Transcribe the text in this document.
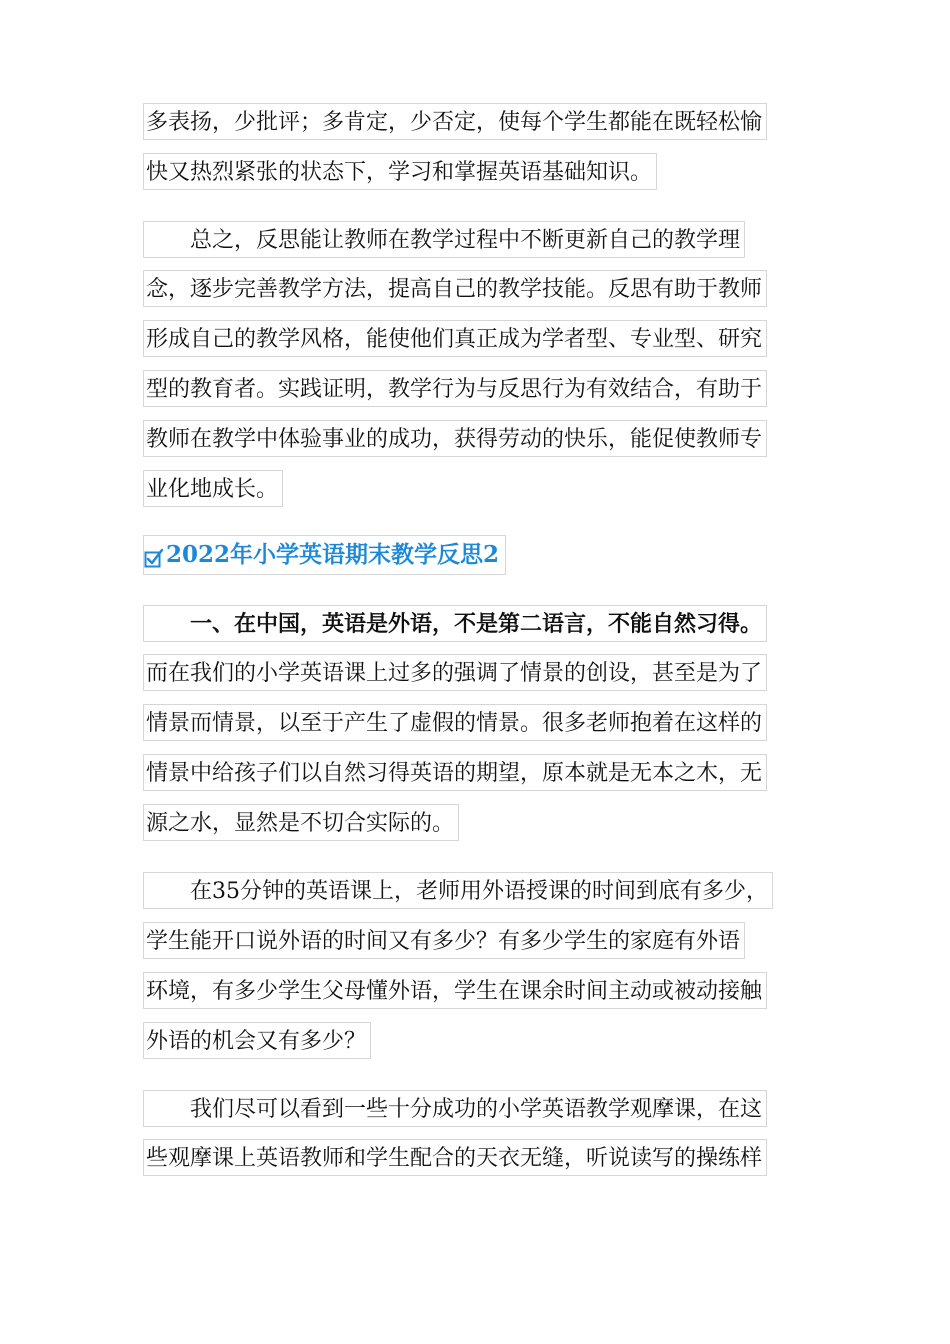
多表扬，少批评；多肯定，少否定，使每个学生都能在既轻松愉
快又热烈紧张的状态下，学习和掌握英语基础知识。
总之，反思能让教师在教学过程中不断更新自己的教学理
念，逐步完善教学方法，提高自己的教学技能。反思有助于教师
形成自己的教学风格，能使他们真正成为学者型、专业型、研究
型的教育者。实践证明，教学行为与反思行为有效结合，有助于
教师在教学中体验事业的成功，获得劳动的快乐，能促使教师专
业化地成长。
2022年小学英语期末教学反思2
一、在中国，英语是外语，不是第二语言，不能自然习得。
而在我们的小学英语课上过多的强调了情景的创设，甚至是为了
情景而情景，以至于产生了虚假的情景。很多老师抱着在这样的
情景中给孩子们以自然习得英语的期望，原本就是无本之木，无
源之水，显然是不切合实际的。
在35分钟的英语课上，老师用外语授课的时间到底有多少，
学生能开口说外语的时间又有多少？有多少学生的家庭有外语
环境，有多少学生父母懂外语，学生在课余时间主动或被动接触
外语的机会又有多少？
我们尽可以看到一些十分成功的小学英语教学观摩课，在这
些观摩课上英语教师和学生配合的天衣无缝，听说读写的操练样
